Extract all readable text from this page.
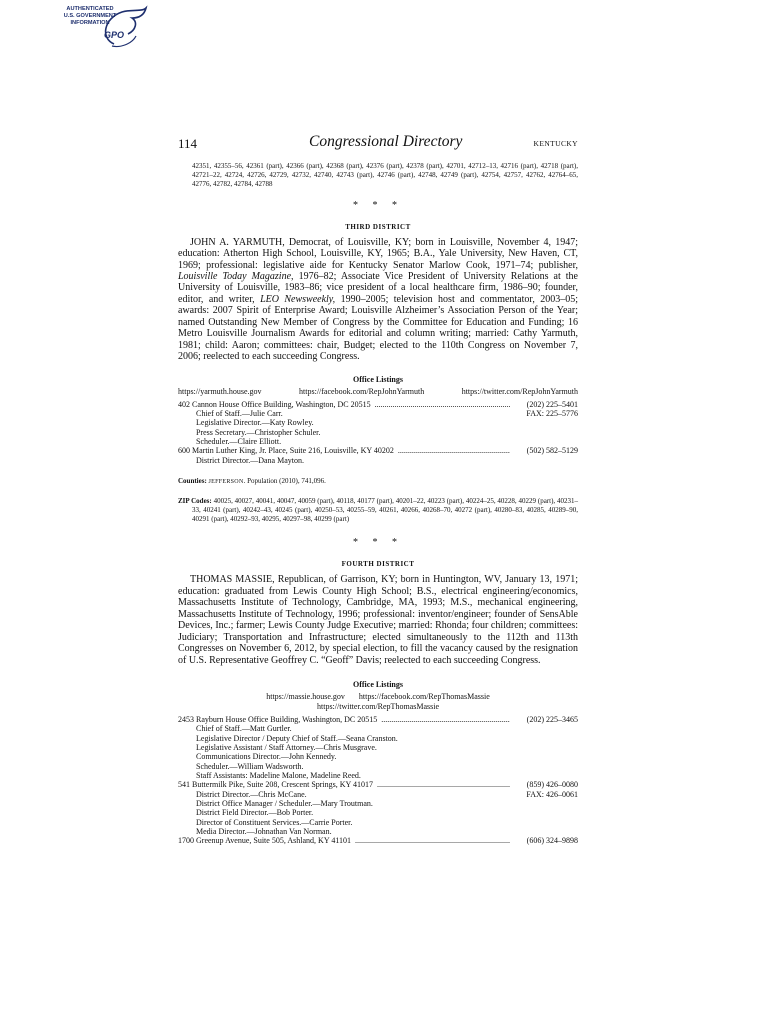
AUTHENTICATED
U.S. GOVERNMENT
INFORMATION
GPO
114	Congressional Directory	KENTUCKY
42351, 42355–56, 42361 (part), 42366 (part), 42368 (part), 42376 (part), 42378 (part), 42701, 42712–13, 42716 (part), 42718 (part), 42721–22, 42724, 42726, 42729, 42732, 42740, 42743 (part), 42746 (part), 42748, 42749 (part), 42754, 42757, 42762, 42764–65, 42776, 42782, 42784, 42788
* * *
THIRD DISTRICT

JOHN A. YARMUTH, Democrat, of Louisville, KY; born in Louisville, November 4, 1947; education: Atherton High School, Louisville, KY, 1965; B.A., Yale University, New Haven, CT, 1969; professional: legislative aide for Kentucky Senator Marlow Cook, 1971–74; publisher, Louisville Today Magazine, 1976–82; Associate Vice President of University Relations at the University of Louisville, 1983–86; vice president of a local healthcare firm, 1986–90; founder, editor, and writer, LEO Newsweekly, 1990–2005; television host and commentator, 2003–05; awards: 2007 Spirit of Enterprise Award; Louisville Alzheimer’s Association Person of the Year; named Outstanding New Member of Congress by the Committee for Education and Funding; 16 Metro Louisville Journalism Awards for editorial and column writing; married: Cathy Yarmuth, 1981; child: Aaron; committees: chair, Budget; elected to the 110th Congress on November 7, 2006; reelected to each succeeding Congress.

Office Listings
https://yarmuth.house.gov	https://facebook.com/RepJohnYarmuth	https://twitter.com/RepJohnYarmuth
402 Cannon House Office Building, Washington, DC 20515 .....	(202) 225–5401
FAX: 225–5776
Chief of Staff.—Julie Carr.
Legislative Director.—Katy Rowley.
Press Secretary.—Christopher Schuler.
Scheduler.—Claire Elliott.
600 Martin Luther King, Jr. Place, Suite 216, Louisville, KY 40202 .....	(502) 582–5129
District Director.—Dana Mayton.
Counties: JEFFERSON. Population (2010), 741,096.
ZIP Codes: 40025, 40027, 40041, 40047, 40059 (part), 40118, 40177 (part), 40201–22, 40223 (part), 40224–25, 40228, 40229 (part), 40231–33, 40241 (part), 40242–43, 40245 (part), 40250–53, 40255–59, 40261, 40266, 40268–70, 40272 (part), 40280–83, 40285, 40289–90, 40291 (part), 40292–93, 40295, 40297–98, 40299 (part)
* * *
FOURTH DISTRICT

THOMAS MASSIE, Republican, of Garrison, KY; born in Huntington, WV, January 13, 1971; education: graduated from Lewis County High School; B.S., electrical engineering/economics, Massachusetts Institute of Technology, Cambridge, MA, 1993; M.S., mechanical engineering, Massachusetts Institute of Technology, 1996; professional: inventor/engineer; founder of SensAble Devices, Inc.; farmer; Lewis County Judge Executive; married: Rhonda; four children; committees: Judiciary; Transportation and Infrastructure; elected simultaneously to the 112th and 113th Congresses on November 6, 2012, by special election, to fill the vacancy caused by the resignation of U.S. Representative Geoffrey C. “Geoff” Davis; reelected to each succeeding Congress.

Office Listings
https://massie.house.gov https://facebook.com/RepThomasMassie
https://twitter.com/RepThomasMassie
2453 Rayburn House Office Building, Washington, DC 20515 .....	(202) 225–3465
Chief of Staff.—Matt Gurtler.
Legislative Director / Deputy Chief of Staff.—Seana Cranston.
Legislative Assistant / Staff Attorney.—Chris Musgrave.
Communications Director.—John Kennedy.
Scheduler.—William Wadsworth.
Staff Assistants: Madeline Malone, Madeline Reed.
541 Buttermilk Pike, Suite 208, Crescent Springs, KY 41017 .....	(859) 426–0080
FAX: 426–0061
District Director.—Chris McCane.
District Office Manager / Scheduler.—Mary Troutman.
District Field Director.—Bob Porter.
Director of Constituent Services.—Carrie Porter.
Media Director.—Johnathan Van Norman.
1700 Greenup Avenue, Suite 505, Ashland, KY 41101 .....	(606) 324–9898
